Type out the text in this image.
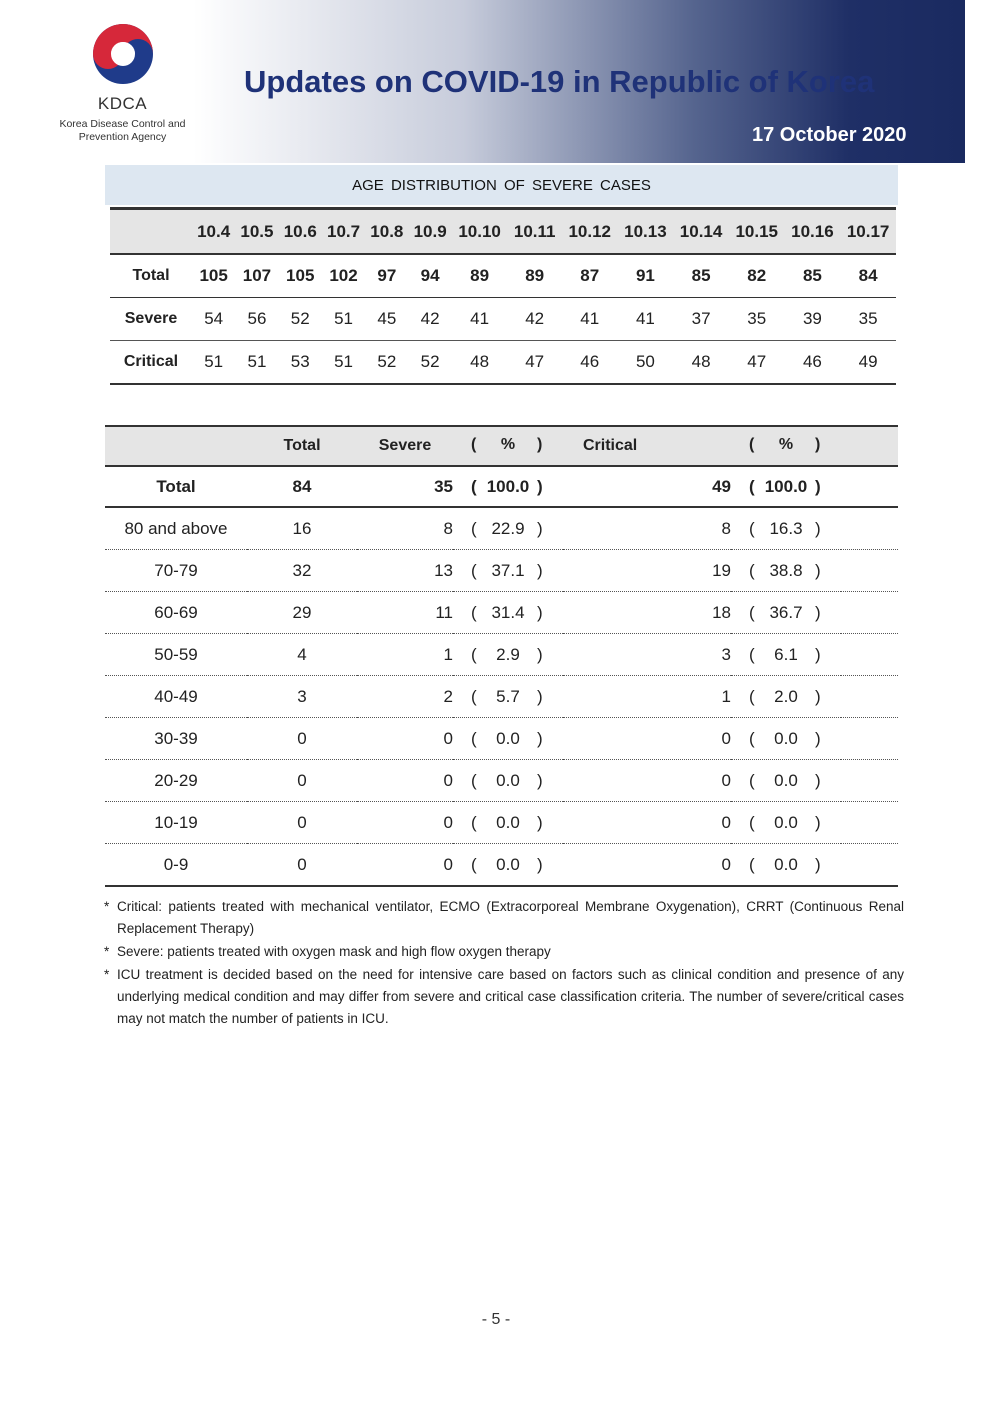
KDCA
Korea Disease Control and
Prevention Agency
Updates on COVID-19 in Republic of Korea
17 October 2020
AGE DISTRIBUTION OF SEVERE CASES
	10.4	10.5	10.6	10.7	10.8	10.9	10.10	10.11	10.12	10.13	10.14	10.15	10.16	10.17
Total	105	107	105	102	97	94	89	89	87	91	85	82	85	84
Severe	54	56	52	51	45	42	41	42	41	41	37	35	39	35
Critical	51	51	53	51	52	52	48	47	46	50	48	47	46	49
	Total	Severe	( % )	Critical	( % )	

Total	84	35	( 100.0 )	49	( 100.0 )	

80 and above	16	8	( 22.9 )	8	( 16.3 )	

70-79	32	13	( 37.1 )	19	( 38.8 )	

60-69	29	11	( 31.4 )	18	( 36.7 )	

50-59	4	1	( 2.9 )	3	( 6.1 )	

40-49	3	2	( 5.7 )	1	( 2.0 )	

30-39	0	0	( 0.0 )	0	( 0.0 )	

20-29	0	0	( 0.0 )	0	( 0.0 )	

10-19	0	0	( 0.0 )	0	( 0.0 )	

0-9	0	0	( 0.0 )	0	( 0.0 )	

* Critical: patients treated with mechanical ventilator, ECMO (Extracorporeal Membrane Oxygenation), CRRT (Continuous Renal Replacement Therapy)
* Severe: patients treated with oxygen mask and high flow oxygen therapy
* ICU treatment is decided based on the need for intensive care based on factors such as clinical condition and presence of any underlying medical condition and may differ from severe and critical case classification criteria. The number of severe/critical cases may not match the number of patients in ICU.
- 5 -
